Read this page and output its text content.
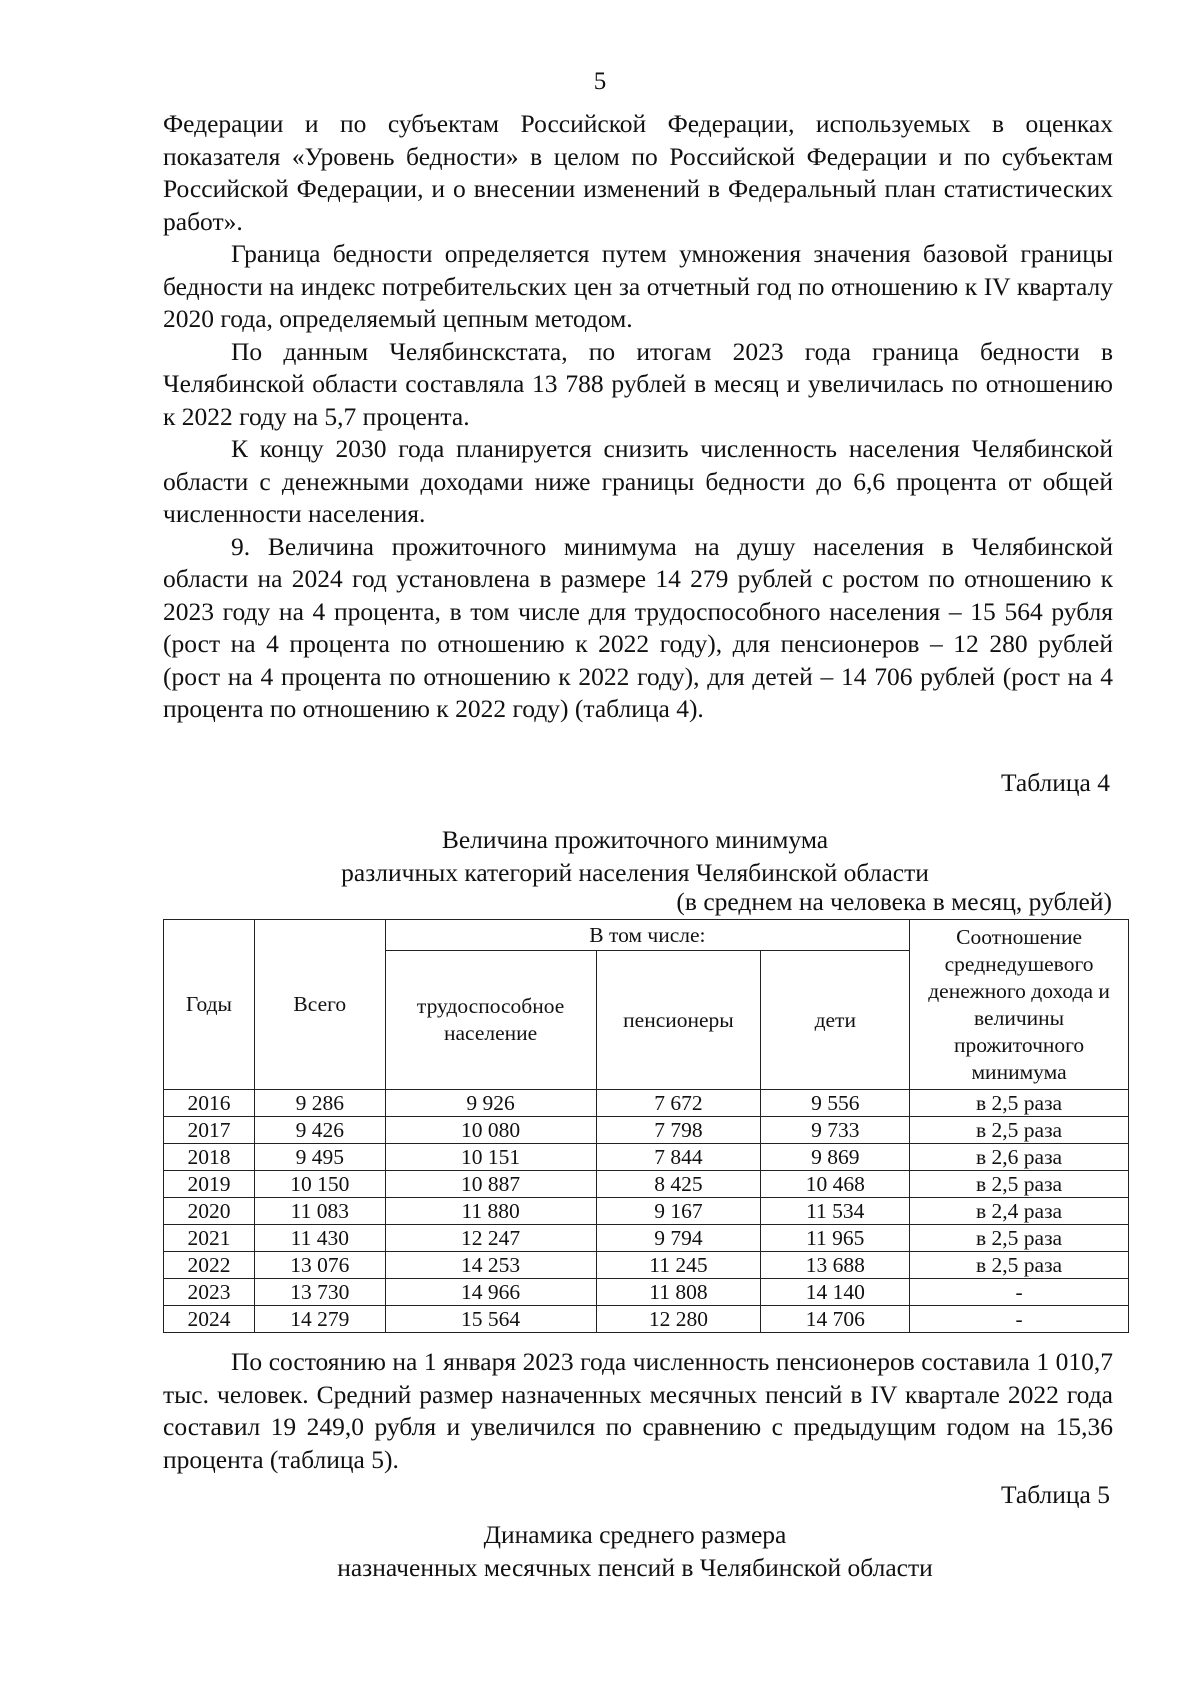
5

Федерации и по субъектам Российской Федерации, используемых в оценках показателя «Уровень бедности» в целом по Российской Федерации и по субъектам Российской Федерации, и о внесении изменений в Федеральный план статистических работ».

Граница бедности определяется путем умножения значения базовой границы бедности на индекс потребительских цен за отчетный год по отношению к IV кварталу 2020 года, определяемый цепным методом.

По данным Челябинскстата, по итогам 2023 года граница бедности в Челябинской области составляла 13 788 рублей в месяц и увеличилась по отношению к 2022 году на 5,7 процента.

К концу 2030 года планируется снизить численность населения Челябинской области с денежными доходами ниже границы бедности до 6,6 процента от общей численности населения.

9. Величина прожиточного минимума на душу населения в Челябинской области на 2024 год установлена в размере 14 279 рублей с ростом по отношению к 2023 году на 4 процента, в том числе для трудоспособного населения – 15 564 рубля (рост на 4 процента по отношению к 2022 году), для пенсионеров – 12 280 рублей (рост на 4 процента по отношению к 2022 году), для детей – 14 706 рублей (рост на 4 процента по отношению к 2022 году) (таблица 4).

Таблица 4
Величина прожиточного минимума
различных категорий населения Челябинской области
(в среднем на человека в месяц, рублей)
Годы	Всего	В том числе:			Соотношение среднедушевого денежного дохода и величины прожиточного минимума
		трудоспособное население	пенсионеры	дети	
2016	9 286	9 926	7 672	9 556	в 2,5 раза
2017	9 426	10 080	7 798	9 733	в 2,5 раза
2018	9 495	10 151	7 844	9 869	в 2,6 раза
2019	10 150	10 887	8 425	10 468	в 2,5 раза
2020	11 083	11 880	9 167	11 534	в 2,4 раза
2021	11 430	12 247	9 794	11 965	в 2,5 раза
2022	13 076	14 253	11 245	13 688	в 2,5 раза
2023	13 730	14 966	11 808	14 140	-
2024	14 279	15 564	12 280	14 706	-

По состоянию на 1 января 2023 года численность пенсионеров составила 1 010,7 тыс. человек. Средний размер назначенных месячных пенсий в IV квартале 2022 года составил 19 249,0 рубля и увеличился по сравнению с предыдущим годом на 15,36 процента (таблица 5).

Таблица 5
Динамика среднего размера
назначенных месячных пенсий в Челябинской области
